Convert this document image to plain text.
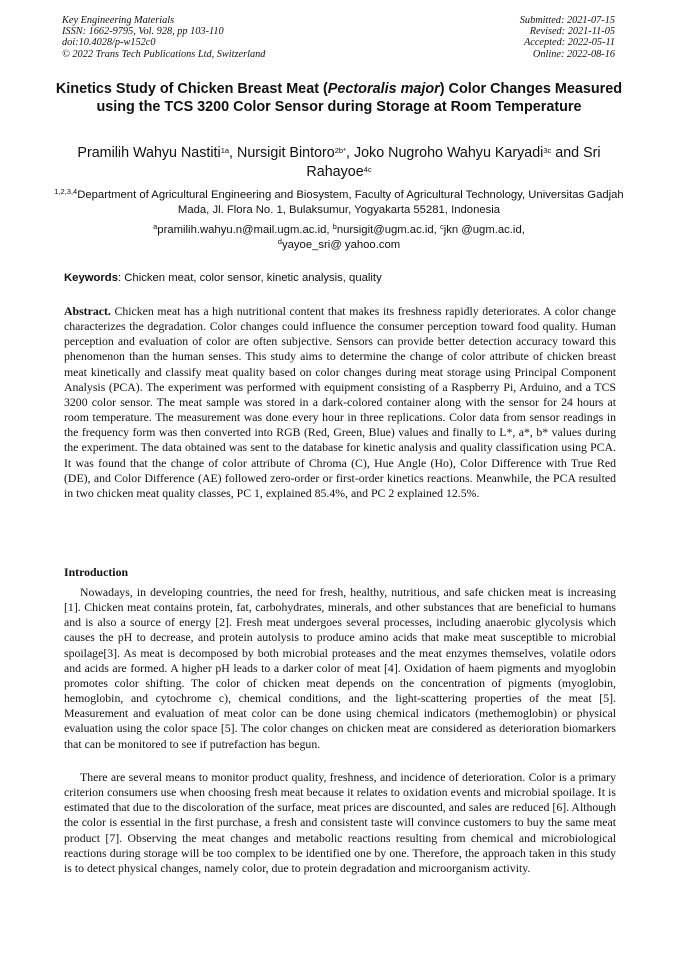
Key Engineering Materials
ISSN: 1662-9795, Vol. 928, pp 103-110
doi:10.4028/p-w152c0
© 2022 Trans Tech Publications Ltd, Switzerland
Submitted: 2021-07-15
Revised: 2021-11-05
Accepted: 2022-05-11
Online: 2022-08-16
Kinetics Study of Chicken Breast Meat (Pectoralis major) Color Changes Measured using the TCS 3200 Color Sensor during Storage at Room Temperature
Pramilih Wahyu Nastiti$^{1a}$, Nursigit Bintoro$^{2b*}$, Joko Nugroho Wahyu Karyadi$^{3c}$ and Sri Rahayoe$^{4c}$
$^{1,2,3,4}$Department of Agricultural Engineering and Biosystem, Faculty of Agricultural Technology, Universitas Gadjah Mada, Jl. Flora No. 1, Bulaksumur, Yogyakarta 55281, Indonesia
$^a$pramilih.wahyu.n@mail.ugm.ac.id, $^b$nursigit@ugm.ac.id, $^c$jkn @ugm.ac.id,
$^d$yayoe_sri@ yahoo.com
Keywords: Chicken meat, color sensor, kinetic analysis, quality

Abstract. Chicken meat has a high nutritional content that makes its freshness rapidly deteriorates. A color change characterizes the degradation. Color changes could influence the consumer perception toward food quality. Human perception and evaluation of color are often subjective. Sensors can provide better detection accuracy toward this phenomenon than the human senses. This study aims to determine the change of color attribute of chicken breast meat kinetically and classify meat quality based on color changes during meat storage using Principal Component Analysis (PCA). The experiment was performed with equipment consisting of a Raspberry Pi, Arduino, and a TCS 3200 color sensor. The meat sample was stored in a dark-colored container along with the sensor for 24 hours at room temperature. The measurement was done every hour in three replications. Color data from sensor readings in the frequency form was then converted into RGB (Red, Green, Blue) values and finally to L*, a*, b* values during the experiment. The data obtained was sent to the database for kinetic analysis and quality classification using PCA. It was found that the change of color attribute of Chroma (C), Hue Angle (Ho), Color Difference with True Red (DE), and Color Difference (AE) followed zero-order or first-order kinetics reactions. Meanwhile, the PCA resulted in two chicken meat quality classes, PC 1, explained 85.4%, and PC 2 explained 12.5%.

Introduction

Nowadays, in developing countries, the need for fresh, healthy, nutritious, and safe chicken meat is increasing [1]. Chicken meat contains protein, fat, carbohydrates, minerals, and other substances that are beneficial to humans and is also a source of energy [2]. Fresh meat undergoes several processes, including anaerobic glycolysis which causes the pH to decrease, and protein autolysis to produce amino acids that make meat susceptible to microbial spoilage[3]. As meat is decomposed by both microbial proteases and the meat enzymes themselves, volatile odors and acids are formed. A higher pH leads to a darker color of meat [4]. Oxidation of haem pigments and myoglobin promotes color shifting. The color of chicken meat depends on the concentration of pigments (myoglobin, hemoglobin, and cytochrome c), chemical conditions, and the light-scattering properties of the meat [5]. Measurement and evaluation of meat color can be done using chemical indicators (methemoglobin) or physical evaluation using the color space [5]. The color changes on chicken meat are considered as deterioration biomarkers that can be monitored to see if putrefaction has begun.

There are several means to monitor product quality, freshness, and incidence of deterioration. Color is a primary criterion consumers use when choosing fresh meat because it relates to oxidation events and microbial spoilage. It is estimated that due to the discoloration of the surface, meat prices are discounted, and sales are reduced [6]. Although the color is essential in the first purchase, a fresh and consistent taste will convince customers to buy the same meat product [7]. Observing the meat changes and metabolic reactions resulting from chemical and microbiological reactions during storage will be too complex to be identified one by one. Therefore, the approach taken in this study is to detect physical changes, namely color, due to protein degradation and microorganism activity.
